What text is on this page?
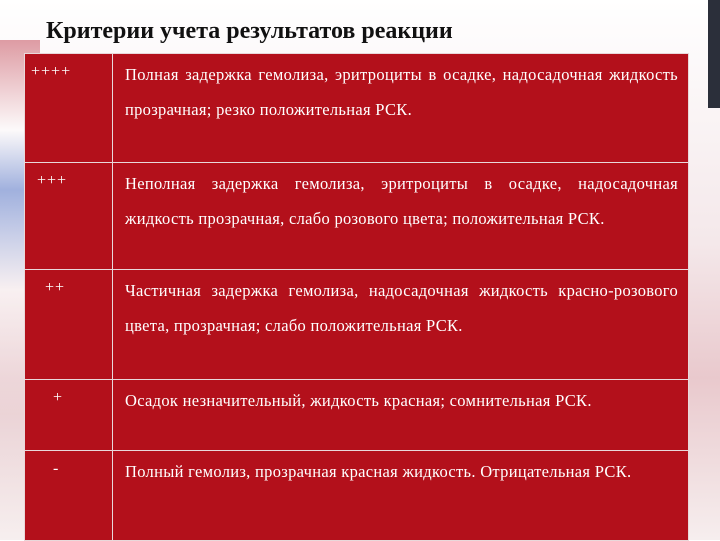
Критерии учета результатов реакции
++++	Полная задержка гемолиза, эритроциты в осадке, надосадочная жидкость прозрачная; резко положительная РСК.

+++	Неполная задержка гемолиза, эритроциты в осадке, надосадочная жидкость прозрачная, слабо розового цвета; положительная РСК.

++	Частичная задержка гемолиза, надосадочная жидкость красно-розового цвета, прозрачная; слабо положительная РСК.

+	Осадок незначительный, жидкость красная; сомнительная РСК.

-	Полный гемолиз, прозрачная красная жидкость. Отрицательная РСК.
